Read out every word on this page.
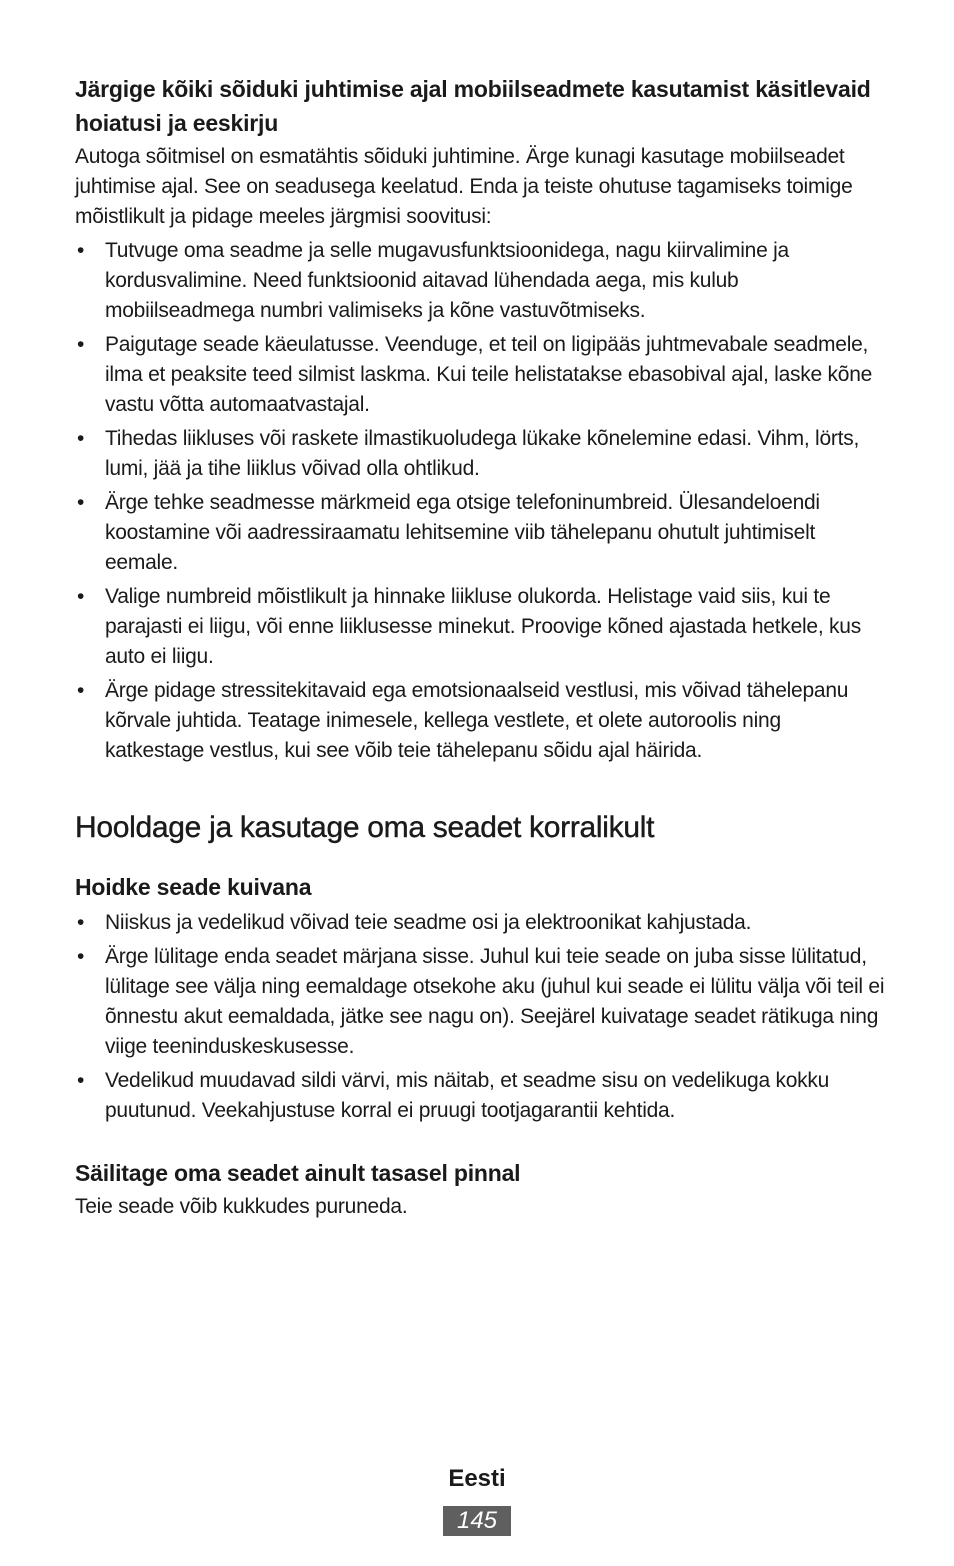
Järgige kõiki sõiduki juhtimise ajal mobiilseadmete kasutamist käsitlevaid hoiatusi ja eeskirju

Autoga sõitmisel on esmatähtis sõiduki juhtimine. Ärge kunagi kasutage mobiilseadet juhtimise ajal. See on seadusega keelatud. Enda ja teiste ohutuse tagamiseks toimige mõistlikult ja pidage meeles järgmisi soovitusi:

• Tutvuge oma seadme ja selle mugavusfunktsioonidega, nagu kiirvalimine ja kordusvalimine. Need funktsioonid aitavad lühendada aega, mis kulub mobiilseadmega numbri valimiseks ja kõne vastuvõtmiseks.
• Paigutage seade käeulatusse. Veenduge, et teil on ligipääs juhtmevabale seadmele, ilma et peaksite teed silmist laskma. Kui teile helistatakse ebasobival ajal, laske kõne vastu võtta automaatvastajal.
• Tihedas liikluses või raskete ilmastikuoludega lükake kõnelemine edasi. Vihm, lörts, lumi, jää ja tihe liiklus võivad olla ohtlikud.
• Ärge tehke seadmesse märkmeid ega otsige telefoninumbreid. Ülesandeloendi koostamine või aadressiraamatu lehitsemine viib tähelepanu ohutult juhtimiselt eemale.
• Valige numbreid mõistlikult ja hinnake liikluse olukorda. Helistage vaid siis, kui te parajasti ei liigu, või enne liiklusesse minekut. Proovige kõned ajastada hetkele, kus auto ei liigu.
• Ärge pidage stressitekitavaid ega emotsionaalseid vestlusi, mis võivad tähelepanu kõrvale juhtida. Teatage inimesele, kellega vestlete, et olete autoroolis ning katkestage vestlus, kui see võib teie tähelepanu sõidu ajal häirida.
Hooldage ja kasutage oma seadet korralikult
Hoidke seade kuivana
• Niiskus ja vedelikud võivad teie seadme osi ja elektroonikat kahjustada.
• Ärge lülitage enda seadet märjana sisse. Juhul kui teie seade on juba sisse lülitatud, lülitage see välja ning eemaldage otsekohe aku (juhul kui seade ei lülitu välja või teil ei õnnestu akut eemaldada, jätke see nagu on). Seejärel kuivatage seadet rätikuga ning viige teeninduskeskusesse.
• Vedelikud muudavad sildi värvi, mis näitab, et seadme sisu on vedelikuga kokku puutunud. Veekahjustuse korral ei pruugi tootjagarantii kehtida.
Säilitage oma seadet ainult tasasel pinnal

Teie seade võib kukkudes puruneda.

Eesti
145
